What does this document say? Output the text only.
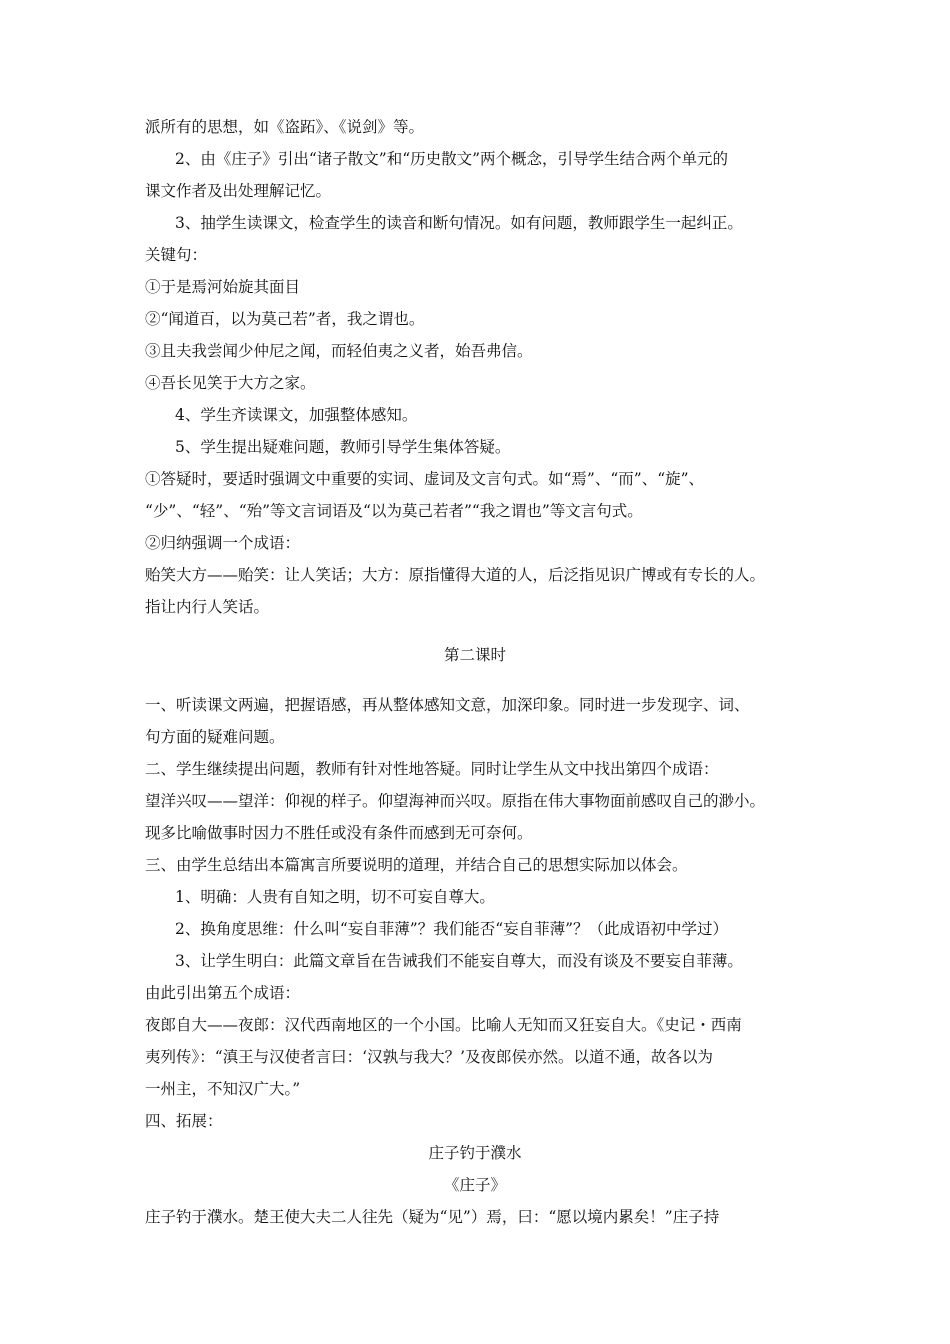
派所有的思想，如《盗跖》、《说剑》等。
2、由《庄子》引出“诸子散文”和“历史散文”两个概念，引导学生结合两个单元的
课文作者及出处理解记忆。
3、抽学生读课文，检查学生的读音和断句情况。如有问题，教师跟学生一起纠正。
关键句：
①于是焉河始旋其面目
②“闻道百，以为莫己若”者，我之谓也。
③且夫我尝闻少仲尼之闻，而轻伯夷之义者，始吾弗信。
④吾长见笑于大方之家。
4、学生齐读课文，加强整体感知。
5、学生提出疑难问题，教师引导学生集体答疑。
①答疑时，要适时强调文中重要的实词、虚词及文言句式。如“焉”、“而”、“旋”、
“少”、“轻”、“殆”等文言词语及“以为莫己若者”“我之谓也”等文言句式。
②归纳强调一个成语：
贻笑大方——贻笑：让人笑话；大方：原指懂得大道的人，后泛指见识广博或有专长的人。
指让内行人笑话。
第二课时
一、听读课文两遍，把握语感，再从整体感知文意，加深印象。同时进一步发现字、词、
句方面的疑难问题。
二、学生继续提出问题，教师有针对性地答疑。同时让学生从文中找出第四个成语：
望洋兴叹——望洋：仰视的样子。仰望海神而兴叹。原指在伟大事物面前感叹自己的渺小。
现多比喻做事时因力不胜任或没有条件而感到无可奈何。
三、由学生总结出本篇寓言所要说明的道理，并结合自己的思想实际加以体会。
1、明确：人贵有自知之明，切不可妄自尊大。
2、换角度思维：什么叫“妄自菲薄”？我们能否“妄自菲薄”？（此成语初中学过）
3、让学生明白：此篇文章旨在告诫我们不能妄自尊大，而没有谈及不要妄自菲薄。
由此引出第五个成语：
夜郎自大——夜郎：汉代西南地区的一个小国。比喻人无知而又狂妄自大。《史记・西南
夷列传》：“滇王与汉使者言曰：‘汉孰与我大？’及夜郎侯亦然。以道不通，故各以为
一州主，不知汉广大。”
四、拓展：
庄子钓于濮水
《庄子》
庄子钓于濮水。楚王使大夫二人往先（疑为“见”）焉，曰：“愿以境内累矣！”庄子持
